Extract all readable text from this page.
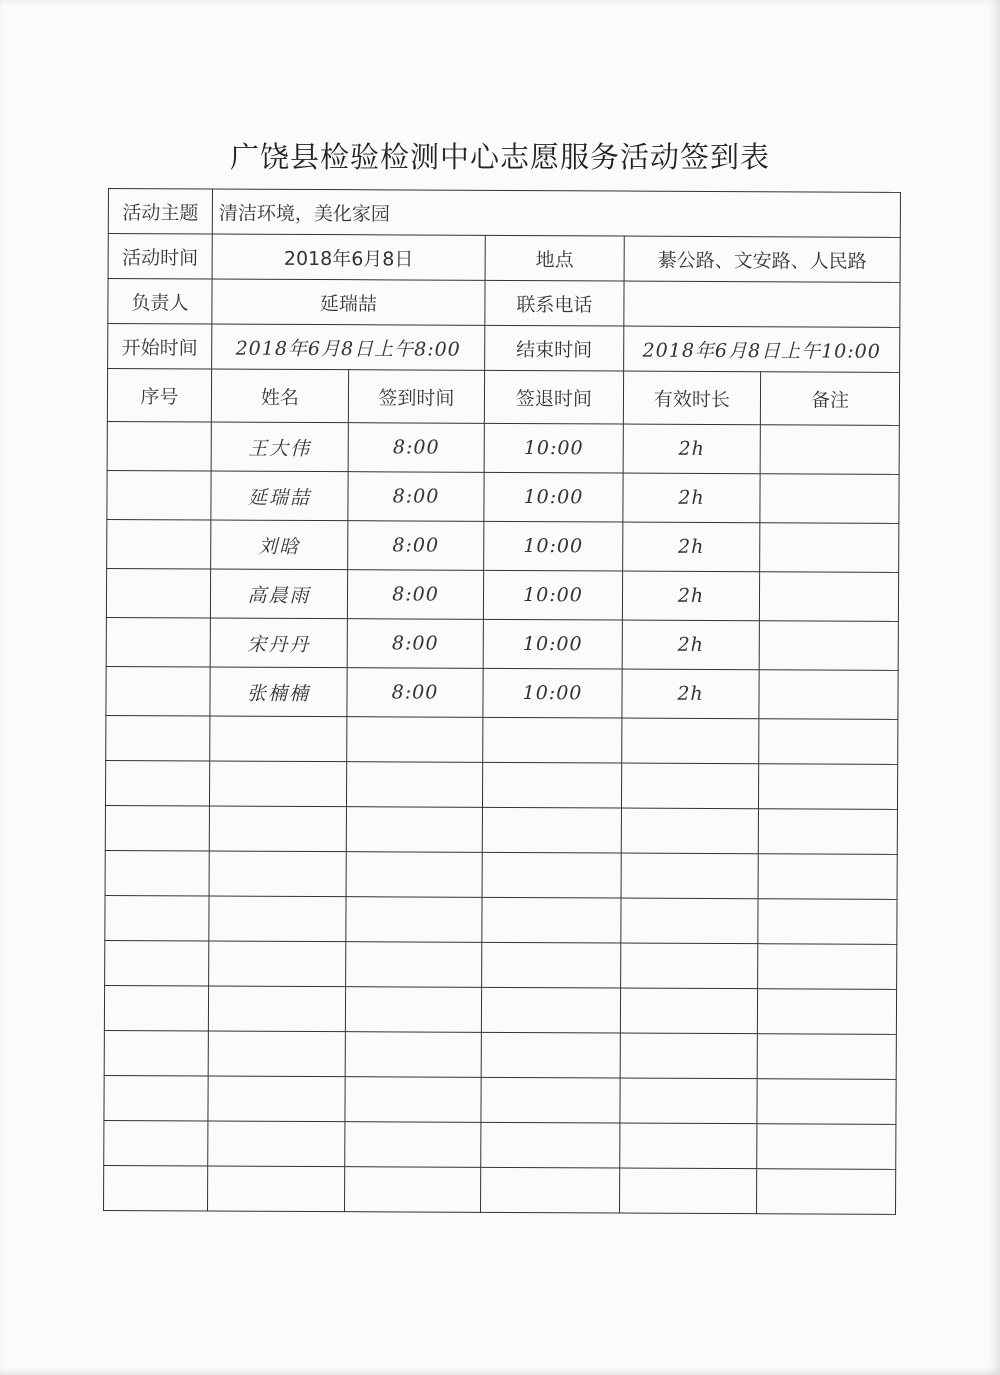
广饶县检验检测中心志愿服务活动签到表
活动主题	清洁环境，美化家园				
活动时间	2018年6月8日		地点	綦公路、文安路、人民路	
负责人	延瑞喆		联系电话		
开始时间	2018年6月8日上午8:00		结束时间	2018年6月8日上午10:00	
序号	姓名	签到时间	签退时间	有效时长	备注
	王大伟	8:00	10:00	2h	
	延瑞喆	8:00	10:00	2h	
	刘晗	8:00	10:00	2h	
	高晨雨	8:00	10:00	2h	
	宋丹丹	8:00	10:00	2h	
	张楠楠	8:00	10:00	2h	
